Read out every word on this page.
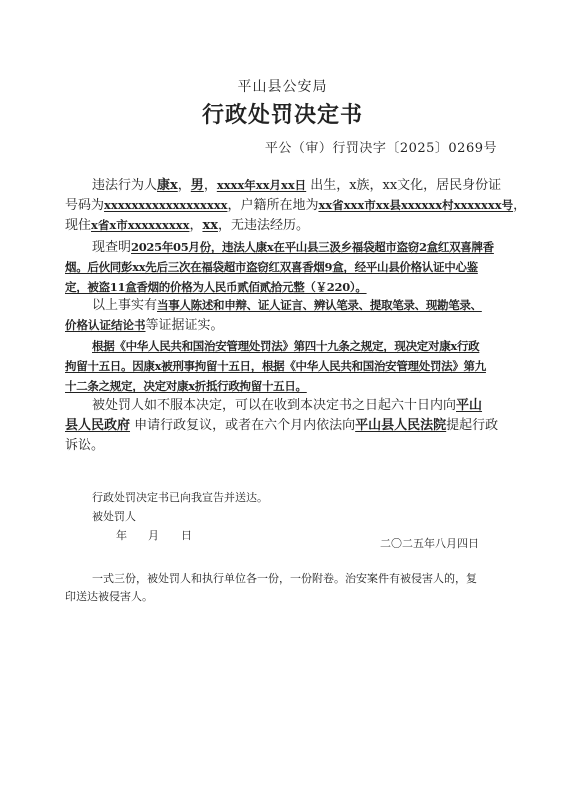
平山县公安局
行政处罚决定书
平公（审）行罚决字〔2025〕0269号
违法行为人康x，男，xxxx年xx月xx日 出生，x族，xx文化，居民身份证
号码为xxxxxxxxxxxxxxxxxx，户籍所在地为xx省xxx市xx县xxxxxx村xxxxxxx号，
现住x省x市xxxxxxxxx，xx，无违法经历。
现查明2025年05月份，违法人康x在平山县三汲乡福袋超市盗窃2盒红双喜牌香
烟。后伙同彭xx先后三次在福袋超市盗窃红双喜香烟9盒，经平山县价格认证中心鉴
定，被盗11盒香烟的价格为人民币贰佰贰拾元整（￥220）。
以上事实有当事人陈述和申辩、证人证言、辨认笔录、提取笔录、现勘笔录、
价格认证结论书等证据证实。
根据《中华人民共和国治安管理处罚法》第四十九条之规定，现决定对康x行政
拘留十五日。因康x被刑事拘留十五日，根据《中华人民共和国治安管理处罚法》第九
十二条之规定，决定对康x折抵行政拘留十五日。
被处罚人如不服本决定，可以在收到本决定书之日起六十日内向平山
县人民政府 申请行政复议，或者在六个月内依法向平山县人民法院提起行政
诉讼。
行政处罚决定书已向我宣告并送达。
被处罚人
年 月 日
二〇二五年八月四日
一式三份，被处罚人和执行单位各一份，一份附卷。治安案件有被侵害人的，复
印送达被侵害人。
